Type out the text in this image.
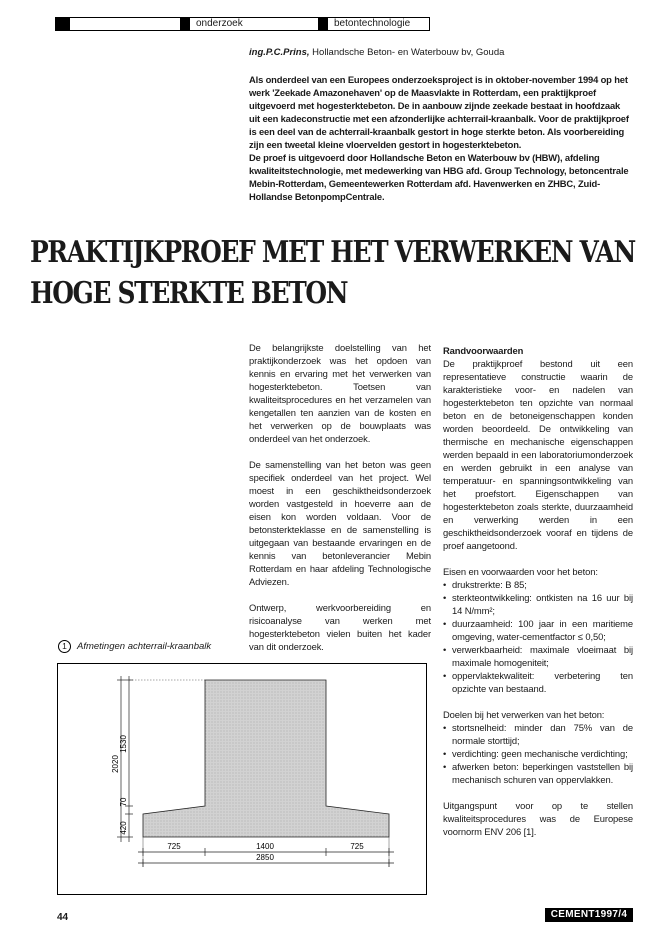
onderzoek	betontechnologie
ing.P.C.Prins, Hollandsche Beton- en Waterbouw bv, Gouda

Als onderdeel van een Europees onderzoeksproject is in oktober-november 1994 op het werk 'Zeekade Amazonehaven' op de Maasvlakte in Rotterdam, een praktijkproef uitgevoerd met hogesterktebeton. De in aanbouw zijnde zeekade bestaat in hoofdzaak uit een kadeconstructie met een afzonderlijke achterrail-kraanbalk. Voor de praktijkproef is een deel van de achterrail-kraanbalk gestort in hoge sterkte beton. Als voorbereiding zijn een tweetal kleine vloervelden gestort in hogesterktebeton.

De proef is uitgevoerd door Hollandsche Beton en Waterbouw bv (HBW), afdeling kwaliteitstechnologie, met medewerking van HBG afd. Group Technology, betoncentrale Mebin-Rotterdam, Gemeentewerken Rotterdam afd. Havenwerken en ZHBC, Zuid-Hollandse BetonpompCentrale.

PRAKTIJKPROEF MET HET VERWERKEN VAN
HOGE STERKTE BETON

De belangrijkste doelstelling van het praktijkonderzoek was het opdoen van kennis en ervaring met het verwerken van hogesterktebeton. Toetsen van kwaliteitsprocedures en het verzamelen van kengetallen ten aanzien van de kosten en het verwerken op de bouwplaats was onderdeel van het onderzoek.

De samenstelling van het beton was geen specifiek onderdeel van het project. Wel moest in een geschiktheidsonderzoek worden vastgesteld in hoeverre aan de eisen kon worden voldaan. Voor de betonsterkteklasse en de samenstelling is uitgegaan van bestaande ervaringen en de kennis van betonleverancier Mebin Rotterdam en haar afdeling Technologische Adviezen.

Ontwerp, werkvoorbereiding en risicoanalyse van werken met hogesterktebeton vielen buiten het kader van dit onderzoek.

Randvoorwaarden

De praktijkproef bestond uit een representatieve constructie waarin de karakteristieke voor- en nadelen van hogesterktebeton ten opzichte van normaal beton en de betoneigenschappen konden worden beoordeeld. De ontwikkeling van thermische en mechanische eigenschappen werden bepaald in een laboratoriumonderzoek en werden gebruikt in een analyse van temperatuur- en spanningsontwikkeling van het proefstort. Eigenschappen van hogesterktebeton zoals sterkte, duurzaamheid en verwerking werden in een geschiktheidsonderzoek vooraf en tijdens de proef aangetoond.

Eisen en voorwaarden voor het beton:
• drukstrerkte: B 85;
• sterkteontwikkeling: ontkisten na 16 uur bij 14 N/mm²;
• duurzaamheid: 100 jaar in een maritieme omgeving, water-cementfactor ≤ 0,50;
• verwerkbaarheid: maximale vloeimaat bij maximale homogeniteit;
• oppervlaktekwaliteit: verbetering ten opzichte van bestaand.
Doelen bij het verwerken van het beton:
• stortsnelheid: minder dan 75% van de normale storttijd;
• verdichting: geen mechanische verdichting;
• afwerken beton: beperkingen vaststellen bij mechanisch schuren van oppervlakken.

Uitgangspunt voor op te stellen kwaliteitsprocedures was de Europese voornorm ENV 206 [1].

1	Afmetingen achterrail-kraanbalk
2020
1530
70
420
725	1400	725
2850
44	CEMENT1997/4
